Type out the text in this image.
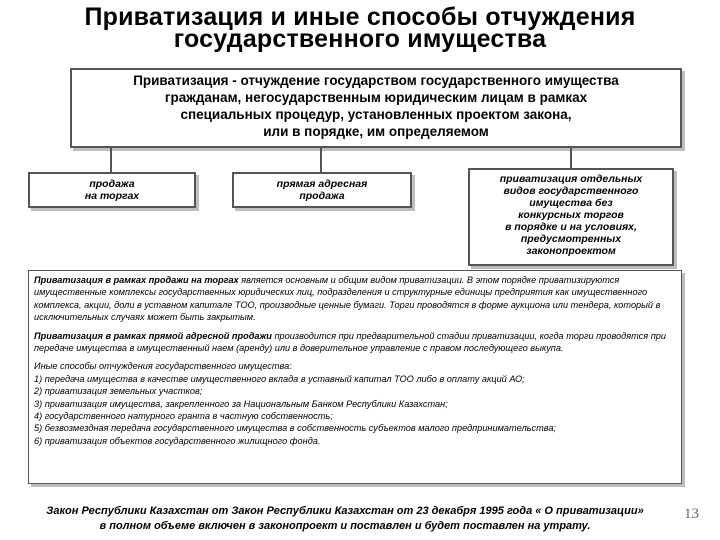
Приватизация и иные способы отчуждения
государственного имущества
Приватизация - отчуждение государством государственного имущества
гражданам, негосударственным юридическим лицам в рамках
специальных процедур, установленных проектом закона,
или в порядке, им определяемом
продажа
на торгах
прямая адресная
продажа
приватизация отдельных
видов государственного
имущества без
конкурсных торгов
в порядке и на условиях,
предусмотренных
законопроектом

Приватизация в рамках продажи на торгах является основным и общим видом приватизации. В этом порядке приватизируются имущественные комплексы государственных юридических лиц, подразделения и структурные единицы предприятия как имущественного комплекса, акции, доли в уставном капитале ТОО, производные ценные бумаги. Торги проводятся в форме аукциона или тендера, который в исключительных случаях может быть закрытым.

Приватизация в рамках прямой адресной продажи производится при предварительной стадии приватизации, когда торги проводятся при передаче имущества в имущественный наем (аренду) или в доверительное управление с правом последующего выкупа.

Иные способы отчуждения государственного имущества:
1) передача имущества в качестве имущественного вклада в уставный капитал ТОО либо в оплату акций АО;
2) приватизация земельных участков;
3) приватизация имущества, закрепленного за Национальным Банком Республики Казахстан;
4) государственного натурного гранта в частную собственность;
5) безвозмездная передача государственного имущества в собственность субъектов малого предпринимательства;
6) приватизация объектов государственного жилищного фонда.
Закон Республики Казахстан от Закон Республики Казахстан от 23 декабря 1995 года « О приватизации»
в полном объеме включен в законопроект и поставлен и будет поставлен на утрату.
13
